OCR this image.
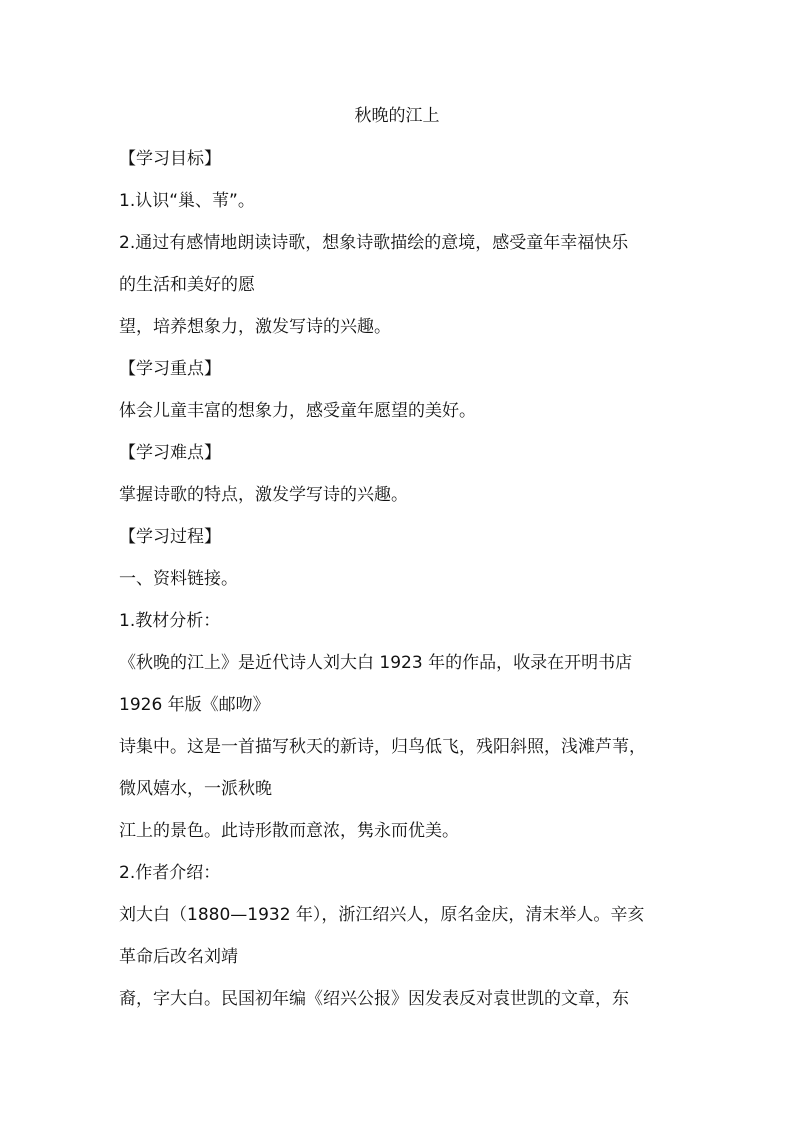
秋晚的江上
【学习目标】
1.认识“巢、苇”。
2.通过有感情地朗读诗歌，想象诗歌描绘的意境，感受童年幸福快乐
的生活和美好的愿
望，培养想象力，激发写诗的兴趣。
【学习重点】
体会儿童丰富的想象力，感受童年愿望的美好。
【学习难点】
掌握诗歌的特点，激发学写诗的兴趣。
【学习过程】
一、资料链接。
1.教材分析：
《秋晚的江上》是近代诗人刘大白 1923 年的作品，收录在开明书店
1926 年版《邮吻》
诗集中。这是一首描写秋天的新诗，归鸟低飞，残阳斜照，浅滩芦苇，
微风嬉水，一派秋晚
江上的景色。此诗形散而意浓，隽永而优美。
2.作者介绍：
刘大白（1880—1932 年），浙江绍兴人，原名金庆，清末举人。辛亥
革命后改名刘靖
裔，字大白。民国初年编《绍兴公报》因发表反对袁世凯的文章，东
